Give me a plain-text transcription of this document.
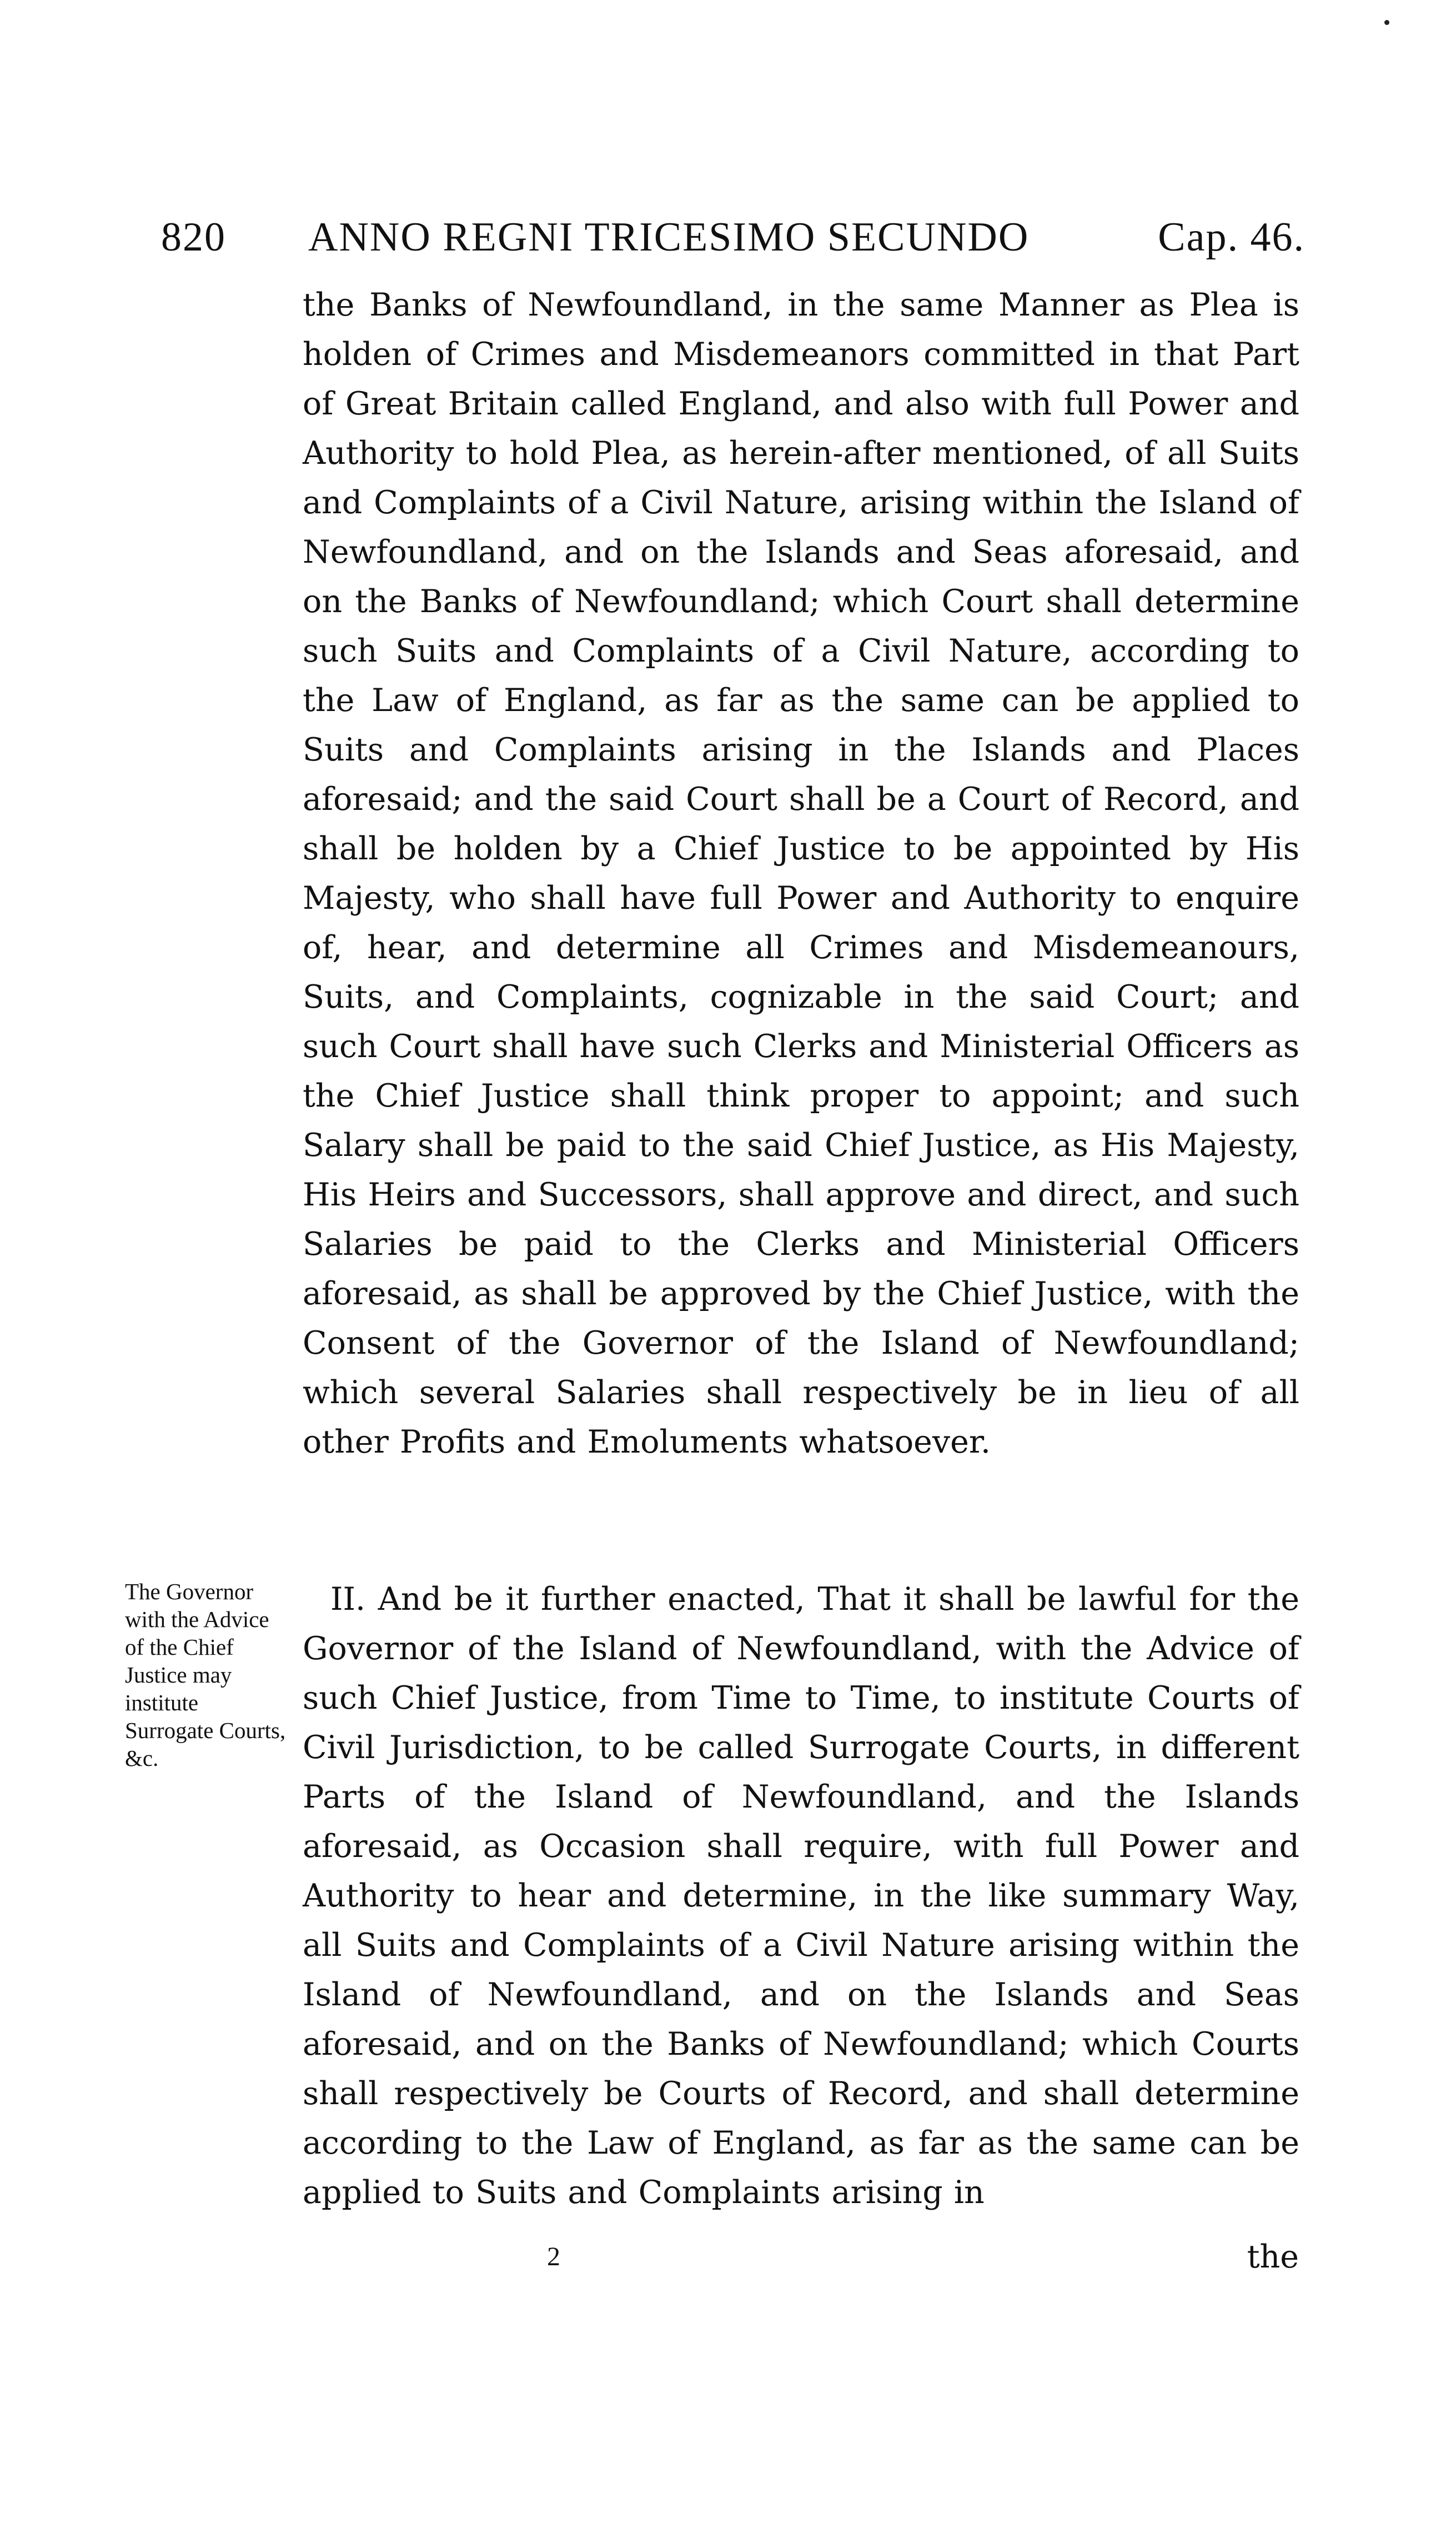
820 ANNO REGNI TRICESIMO SECUNDO	Cap. 46.

the Banks of Newfoundland, in the same Manner as Plea is holden of Crimes and Misdemeanors committed in that Part of Great Britain called England, and also with full Power and Authority to hold Plea, as herein-after mentioned, of all Suits and Complaints of a Civil Nature, arising within the Island of Newfoundland, and on the Islands and Seas aforesaid, and on the Banks of Newfoundland; which Court shall determine such Suits and Complaints of a Civil Nature, according to the Law of England, as far as the same can be applied to Suits and Complaints arising in the Islands and Places aforesaid; and the said Court shall be a Court of Record, and shall be holden by a Chief Justice to be appointed by His Majesty, who shall have full Power and Authority to enquire of, hear, and determine all Crimes and Misdemeanours, Suits, and Complaints, cognizable in the said Court; and such Court shall have such Clerks and Ministerial Officers as the Chief Justice shall think proper to appoint; and such Salary shall be paid to the said Chief Justice, as His Majesty, His Heirs and Successors, shall approve and direct, and such Salaries be paid to the Clerks and Ministerial Officers aforesaid, as shall be approved by the Chief Justice, with the Consent of the Governor of the Island of Newfoundland; which several Salaries shall respectively be in lieu of all other Profits and Emoluments whatsoever.

The Governor with the Advice of the Chief Justice may institute Surrogate Courts, &c.

II. And be it further enacted, That it shall be lawful for the Governor of the Island of Newfoundland, with the Advice of such Chief Justice, from Time to Time, to institute Courts of Civil Jurisdiction, to be called Surrogate Courts, in different Parts of the Island of Newfoundland, and the Islands aforesaid, as Occasion shall require, with full Power and Authority to hear and determine, in the like summary Way, all Suits and Complaints of a Civil Nature arising within the Island of Newfoundland, and on the Islands and Seas aforesaid, and on the Banks of Newfoundland; which Courts shall respectively be Courts of Record, and shall determine according to the Law of England, as far as the same can be applied to Suits and Complaints arising in

2	the
